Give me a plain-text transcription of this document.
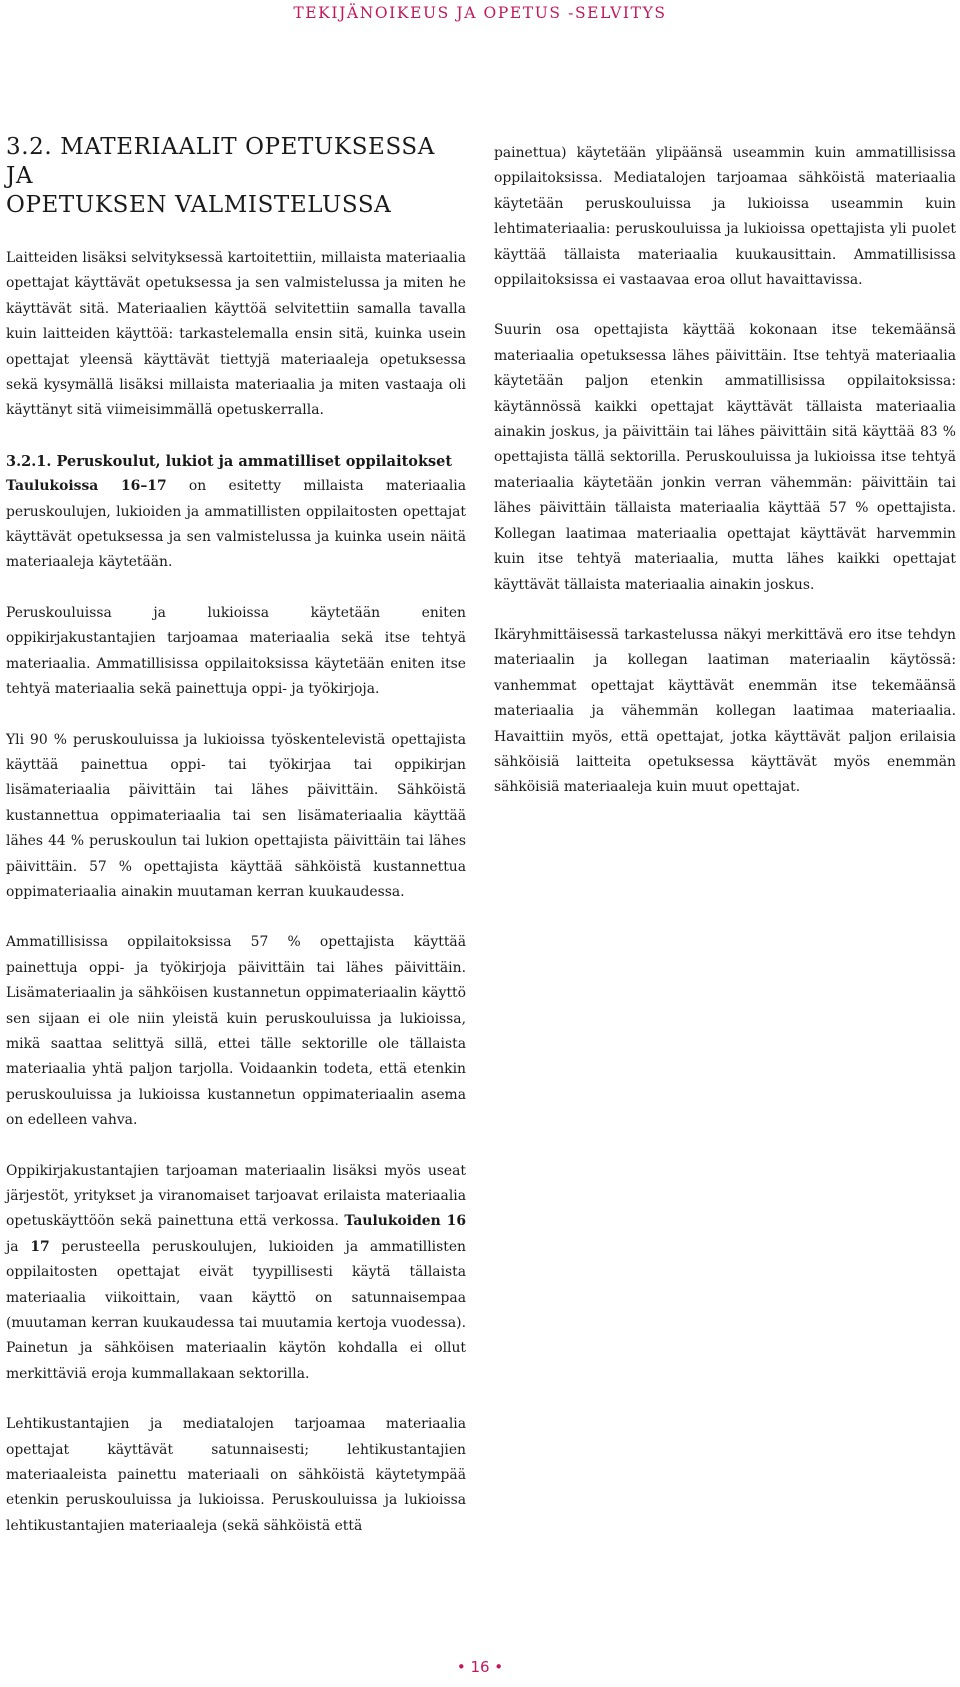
TEKIJÄNOIKEUS JA OPETUS -SELVITYS
3.2. MATERIAALIT OPETUKSESSA JA
OPETUKSEN VALMISTELUSSA

Laitteiden lisäksi selvityksessä kartoitettiin, millaista materiaalia opettajat käyttävät opetuksessa ja sen valmistelussa ja miten he käyttävät sitä. Materiaalien käyttöä selvitettiin samalla tavalla kuin laitteiden käyttöä: tarkastelemalla ensin sitä, kuinka usein opettajat yleensä käyttävät tiettyjä materiaaleja opetuksessa sekä kysymällä lisäksi millaista materiaalia ja miten vastaaja oli käyttänyt sitä viimeisimmällä opetuskerralla.

3.2.1. Peruskoulut, lukiot ja ammatilliset oppilaitokset

Taulukoissa 16–17 on esitetty millaista materiaalia peruskoulujen, lukioiden ja ammatillisten oppilaitosten opettajat käyttävät opetuksessa ja sen valmistelussa ja kuinka usein näitä materiaaleja käytetään.

Peruskouluissa ja lukioissa käytetään eniten oppikirjakustantajien tarjoamaa materiaalia sekä itse tehtyä materiaalia. Ammatillisissa oppilaitoksissa käytetään eniten itse tehtyä materiaalia sekä painettuja oppi- ja työkirjoja.

Yli 90 % peruskouluissa ja lukioissa työskentelevistä opettajista käyttää painettua oppi- tai työkirjaa tai oppikirjan lisämateriaalia päivittäin tai lähes päivittäin. Sähköistä kustannettua oppimateriaalia tai sen lisämateriaalia käyttää lähes 44 % peruskoulun tai lukion opettajista päivittäin tai lähes päivittäin. 57 % opettajista käyttää sähköistä kustannettua oppimateriaalia ainakin muutaman kerran kuukaudessa.

Ammatillisissa oppilaitoksissa 57 % opettajista käyttää painettuja oppi- ja työkirjoja päivittäin tai lähes päivittäin. Lisämateriaalin ja sähköisen kustannetun oppimateriaalin käyttö sen sijaan ei ole niin yleistä kuin peruskouluissa ja lukioissa, mikä saattaa selittyä sillä, ettei tälle sektorille ole tällaista materiaalia yhtä paljon tarjolla. Voidaankin todeta, että etenkin peruskouluissa ja lukioissa kustannetun oppimateriaalin asema on edelleen vahva.

Oppikirjakustantajien tarjoaman materiaalin lisäksi myös useat järjestöt, yritykset ja viranomaiset tarjoavat erilaista materiaalia opetuskäyttöön sekä painettuna että verkossa. Taulukoiden 16 ja 17 perusteella peruskoulujen, lukioiden ja ammatillisten oppilaitosten opettajat eivät tyypillisesti käytä tällaista materiaalia viikoittain, vaan käyttö on satunnaisempaa (muutaman kerran kuukaudessa tai muutamia kertoja vuodessa). Painetun ja sähköisen materiaalin käytön kohdalla ei ollut merkittäviä eroja kummallakaan sektorilla.

Lehtikustantajien ja mediatalojen tarjoamaa materiaalia opettajat käyttävät satunnaisesti; lehtikustantajien materiaaleista painettu materiaali on sähköistä käytetympää etenkin peruskouluissa ja lukioissa. Peruskouluissa ja lukioissa lehtikustantajien materiaaleja (sekä sähköistä että

painettua) käytetään ylipäänsä useammin kuin ammatillisissa oppilaitoksissa. Mediatalojen tarjoamaa sähköistä materiaalia käytetään peruskouluissa ja lukioissa useammin kuin lehtimateriaalia: peruskouluissa ja lukioissa opettajista yli puolet käyttää tällaista materiaalia kuukausittain. Ammatillisissa oppilaitoksissa ei vastaavaa eroa ollut havaittavissa.

Suurin osa opettajista käyttää kokonaan itse tekemäänsä materiaalia opetuksessa lähes päivittäin. Itse tehtyä materiaalia käytetään paljon etenkin ammatillisissa oppilaitoksissa: käytännössä kaikki opettajat käyttävät tällaista materiaalia ainakin joskus, ja päivittäin tai lähes päivittäin sitä käyttää 83 % opettajista tällä sektorilla. Peruskouluissa ja lukioissa itse tehtyä materiaalia käytetään jonkin verran vähemmän: päivittäin tai lähes päivittäin tällaista materiaalia käyttää 57 % opettajista. Kollegan laatimaa materiaalia opettajat käyttävät harvemmin kuin itse tehtyä materiaalia, mutta lähes kaikki opettajat käyttävät tällaista materiaalia ainakin joskus.

Ikäryhmittäisessä tarkastelussa näkyi merkittävä ero itse tehdyn materiaalin ja kollegan laatiman materiaalin käytössä: vanhemmat opettajat käyttävät enemmän itse tekemäänsä materiaalia ja vähemmän kollegan laatimaa materiaalia. Havaittiin myös, että opettajat, jotka käyttävät paljon erilaisia sähköisiä laitteita opetuksessa käyttävät myös enemmän sähköisiä materiaaleja kuin muut opettajat.

• 16 •
